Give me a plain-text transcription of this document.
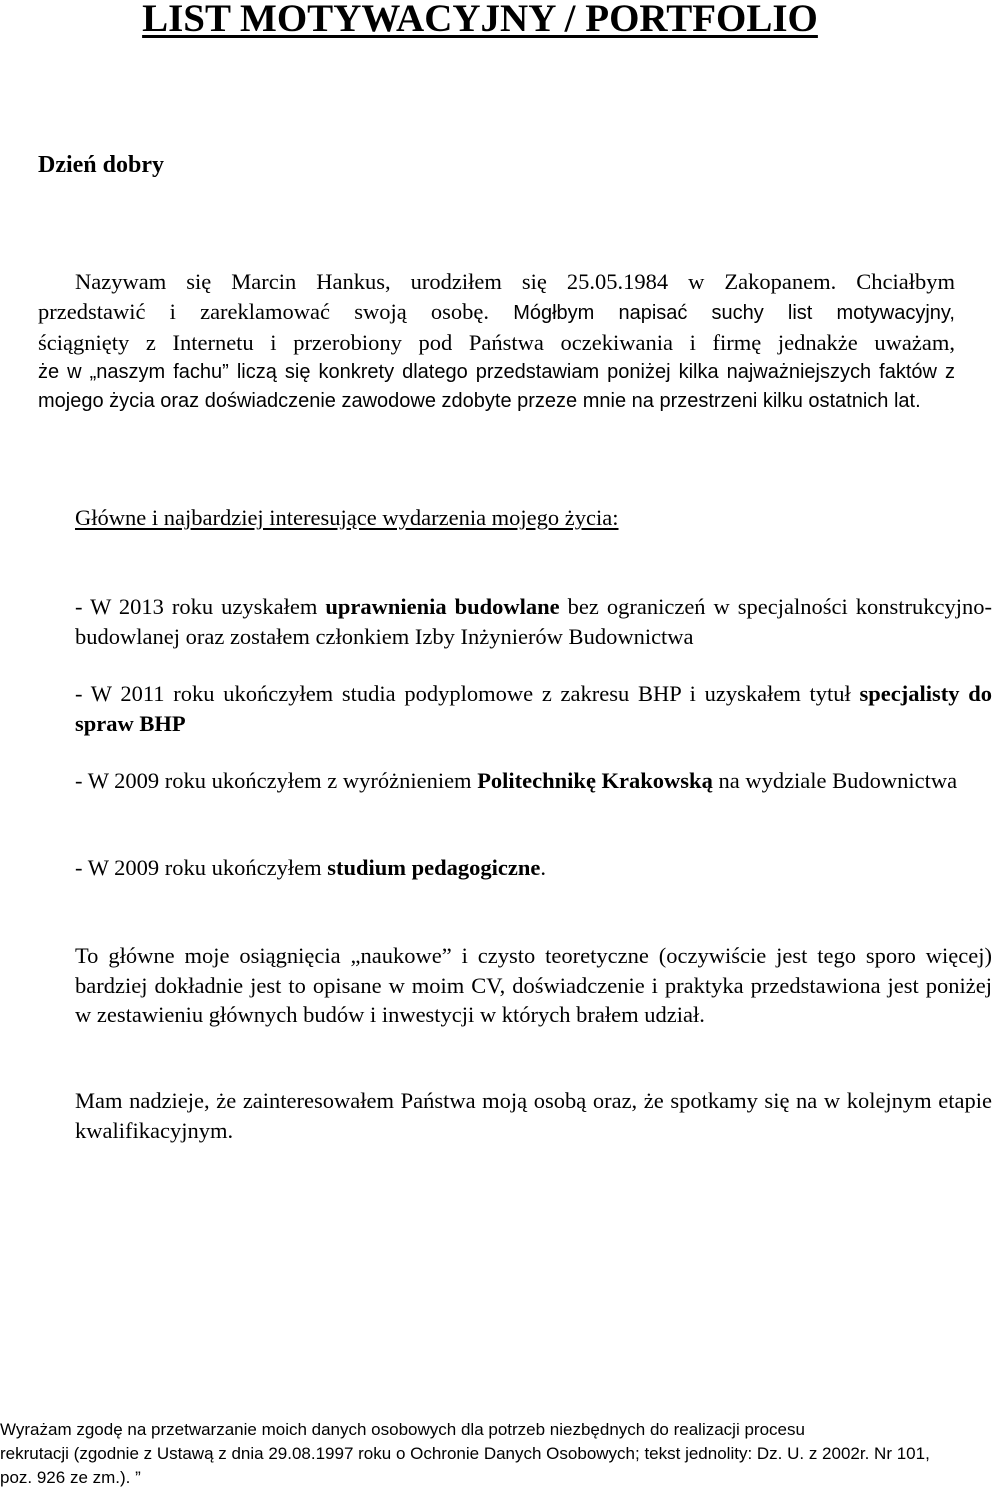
LIST MOTYWACYJNY / PORTFOLIO

Dzień dobry

Nazywam się Marcin Hankus, urodziłem się 25.05.1984 w Zakopanem. Chciałbym
przedstawić i zareklamować swoją osobę. Mógłbym napisać suchy list motywacyjny,
ściągnięty z Internetu i przerobiony pod Państwa oczekiwania i firmę jednakże uważam,
że w „naszym fachu” liczą się konkrety dlatego przedstawiam poniżej kilka najważniejszych faktów z mojego życia oraz doświadczenie zawodowe zdobyte przeze mnie na przestrzeni kilku ostatnich lat.

Główne i najbardziej interesujące wydarzenia mojego życia:

- W 2013 roku uzyskałem uprawnienia budowlane bez ograniczeń w specjalności konstrukcyjno-budowlanej oraz zostałem członkiem Izby Inżynierów Budownictwa

- W 2011 roku ukończyłem studia podyplomowe z zakresu BHP i uzyskałem tytuł specjalisty do spraw BHP

- W 2009 roku ukończyłem z wyróżnieniem Politechnikę Krakowską na wydziale Budownictwa

- W 2009 roku ukończyłem studium pedagogiczne.

To główne moje osiągnięcia „naukowe” i czysto teoretyczne (oczywiście jest tego sporo więcej) bardziej dokładnie jest to opisane w moim CV, doświadczenie i praktyka przedstawiona jest poniżej w zestawieniu głównych budów i inwestycji w których brałem udział.

Mam nadzieje, że zainteresowałem Państwa moją osobą oraz, że spotkamy się na w kolejnym etapie kwalifikacyjnym.

Wyrażam zgodę na przetwarzanie moich danych osobowych dla potrzeb niezbędnych do realizacji procesu
rekrutacji (zgodnie z Ustawą z dnia 29.08.1997 roku o Ochronie Danych Osobowych; tekst jednolity: Dz. U. z 2002r. Nr 101, poz. 926 ze zm.). ”
